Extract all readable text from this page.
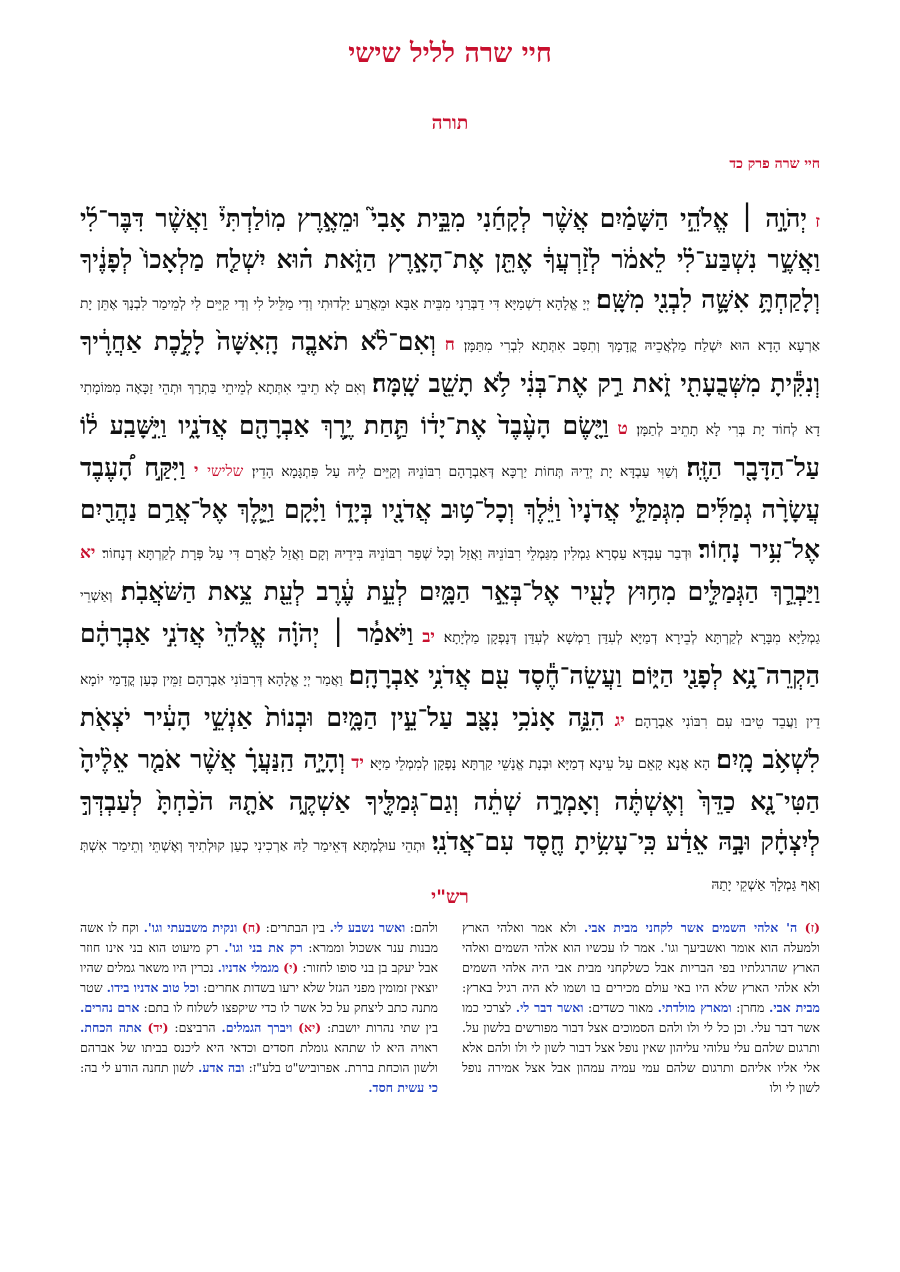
חיי שרה לליל שישי
תורה
חיי שרה פרק כד
ז יְהֹוָ֣ה ׀ אֱלֹהֵ֣י הַשָּׁמַ֗יִם אֲשֶׁ֨ר לְקָחַ֜נִי מִבֵּ֣ית אָבִי֮ וּמֵאֶ֣רֶץ מֽוֹלַדְתִּי֒ וַאֲשֶׁ֨ר דִּבֶּר־לִ֜י וַאֲשֶׁ֣ר נִשְׁבַּע־לִ֗י לֵאמֹ֔ר לְזַ֨רְעֲךָ֔ אֶתֵּ֖ן אֶת־הָאָ֣רֶץ הַזֹּ֑את ה֗וּא יִשְׁלַ֤ח מַלְאָכוֹ֙ לְפָנֶ֔יךָ וְלָקַחְתָּ֥ אִשָּׁ֛ה לִבְנִ֖י מִשָּֽׁם׃ יְיָ אֱלָהָא דִשְׁמַיָּא דִּי דַבְּרַנִי מִבֵּית אַבָּא וּמֵאֲרַע יַלְדוּתִי וְדִי מַלֵּיל לִי וְדִי קַיֵּים לִי לְמֵימַר לִבְנָךְ אֶתֵּן יָת אַרְעָא הָדָא הוּא יִשְׁלַח מַלְאֲכֵיהּ קֳדָמָךְ וְתִסַּב אִתְּתָא לִבְרִי מִתַּמָּן׃ ח וְאִם־לֹ֨א תֹאבֶ֤ה הָֽאִשָּׁה֙ לָלֶ֣כֶת אַחֲרֶ֔יךָ וְנִקִּ֕יתָ מִשְּׁבֻעָתִ֖י זֹ֑את רַ֣ק אֶת־בְּנִ֔י לֹ֥א תָשֵׁ֖ב שָֽׁמָּה׃ וְאִם לָא תֵיבֵי אִתְּתָא לְמֵיתֵי בַּתְרָךְ וּתְהֵי זַכָּאָה מִמּוֹמָתִי דָא לְחוֹד יָת בְּרִי לָא תָתֵיב לְתַמָּן׃ ט וַיָּ֤שֶׂם הָעֶ֨בֶד֙ אֶת־יָד֔וֹ תַּ֛חַת יֶ֥רֶךְ אַבְרָהָ֖ם אֲדֹנָ֑יו וַיִּ֣שָּׁבַֽע ל֔וֹ עַל־הַדָּבָ֖ר הַזֶּֽה׃ וְשַׁוִּי עַבְדָּא יָת יְדֵיהּ תְּחוֹת יַרְכָּא דְּאַבְרָהָם רִבּוֹנֵיהּ וְקַיֵּים לֵיהּ עַל פִּתְגָּמָא הָדֵין׃ שלישי י וַיִּקַּ֣ח הָ֠עֶבֶד עֲשָׂרָ֨ה גְמַלִּ֜ים מִגְּמַלֵּ֤י אֲדֹנָיו֙ וַיֵּ֔לֶךְ וְכָל־ט֥וּב אֲדֹנָ֖יו בְּיָד֑וֹ וַיָּ֗קָם וַיֵּ֛לֶךְ אֶל־אֲרַ֥ם נַהֲרַ֖יִם אֶל־עִ֥יר נָחֽוֹר׃ וּדְבַר עַבְדָּא עַסְרָא גַמְלִין מִגַּמְלֵי רִבּוֹנֵיהּ וַאֲזַל וְכָל שְׁפַר רִבּוֹנֵיהּ בִּידֵיהּ וְקָם וַאֲזַל לַאֲרָם דִּי עַל פְּרָת לְקַרְתָּא דְנָחוֹר׃ יא וַיַּבְרֵ֧ךְ הַגְּמַלִּ֛ים מִח֥וּץ לָעִ֖יר אֶל־בְּאֵ֣ר הַמָּ֑יִם לְעֵ֣ת עֶ֔רֶב לְעֵ֖ת צֵ֥את הַשֹּׁאֲבֹֽת׃ וְאַשְׁרֵי גַמְלַיָּא מִבָּרָא לְקַרְתָּא לְבֵירָא דְמַיָּא לְעִדַּן רַמְשָׁא לְעִדַּן דְּנָפְקָן מַלְיָתָא׃ יב וַיֹּאמַ֓ר ׀ יְהֹוָ֗ה אֱלֹהֵי֙ אֲדֹנִ֣י אַבְרָהָ֔ם הַקְרֵה־נָ֥א לְפָנַ֖י הַיּ֑וֹם וַעֲשֵׂה־חֶ֕סֶד עִ֖ם אֲדֹנִ֥י אַבְרָהָֽם׃ וַאֲמַר יְיָ אֱלָהָא דְּרִבּוֹנִי אַבְרָהָם זַמֵּין כְּעַן קֳדָמַי יוֹמָא דֵין וַעֲבֵד טֵיבוּ עִם רִבּוֹנִי אַבְרָהָם׃ יג הִנֵּ֛ה אָנֹכִ֥י נִצָּ֖ב עַל־עֵ֣ין הַמָּ֑יִם וּבְנוֹת֙ אַנְשֵׁ֣י הָעִ֔יר יֹצְאֹ֖ת לִשְׁאֹ֥ב מָֽיִם׃ הָא אֲנָא קָאֵם עַל עֵינָא דְמַיָּא וּבְנָת אֱנָשֵׁי קַרְתָּא נָפְקָן לְמִמְלֵי מַיָּא׃ יד וְהָיָ֣ה הַֽנַּעֲרָ֗ אֲשֶׁ֨ר אֹמַ֤ר אֵלֶ֨יהָ֙ הַטִּי־נָ֤א כַדֵּךְ֙ וְאֶשְׁתֶּ֔ה וְאָמְרָ֣ה שְׁתֵ֔ה וְגַם־גְּמַלֶּ֖יךָ אַשְׁקֶ֑ה אֹתָ֤הּ הֹכַ֨חְתָּ֙ לְעַבְדְּךָ֣ לְיִצְחָ֔ק וּבָ֣הּ אֵדַ֔ע כִּֽי־עָשִׂ֥יתָ חֶ֖סֶד עִם־אֲדֹנִֽי׃ וּתְהֵי עוּלֶמְתָּא דְּאֵימַר לַהּ אַרְכִינִי כְעַן קוּלְתִיךְ וְאֶשְׁתֵּי וְתֵימַר אִשְׁתְּ וְאַף גַּמְלָךְ אַשְׁקֵי יָתַהּ
רש"י
(ז) ה' אלהי השמים אשר לקחני מבית אבי. ולא אמר ואלהי הארץ ולמעלה הוא אומר ואשביעך וגו'. אמר לו עכשיו הוא אלהי השמים ואלהי הארץ שהרגלתיו בפי הבריות אבל כשלקחני מבית אבי היה אלהי השמים ולא אלהי הארץ שלא היו באי עולם מכירים בו ושמו לא היה רגיל בארץ: מבית אבי. מחרן: ומארץ מולדתי. מאור כשדים: ואשר דבר לי. לצרכי כמו אשר דבר עלי. וכן כל לי ולו ולהם הסמוכים אצל דבור מפורשים בלשון על. ותרגום שלהם עלי עלוהי עליהון שאין נופל אצל דבור לשון לי ולו ולהם אלא אלי אליו אליהם ותרגום שלהם עמי עמיה עמהון אבל אצל אמירה נופל לשון לי ולו
ולהם: ואשר נשבע לי. בין הבתרים: (ח) ונקית משבעתי וגו'. וקח לו אשה מבנות ענר אשכול וממרא: רק את בני וגו'. רק מיעוט הוא בני אינו חוזר אבל יעקב בן בני סופו לחזור: (י) מגמלי אדניו. נכרין היו משאר גמלים שהיו יוצאין זמומין מפני הגזל שלא ירעו בשדות אחרים: וכל טוב אדניו בידו. שטר מתנה כתב ליצחק על כל אשר לו כדי שיקפצו לשלוח לו בתם: ארם נהרים. בין שתי נהרות יושבת: (יא) ויברך הגמלים. הרביצם: (יד) אתה הכחת. ראויה היא לו שתהא גומלת חסדים וכדאי היא ליכנס בביתו של אברהם ולשון הוכחת בררת. אפרוביש"ט בלע"ז: ובה אדע. לשון תחנה הודע לי בה: כי עשית חסד.
